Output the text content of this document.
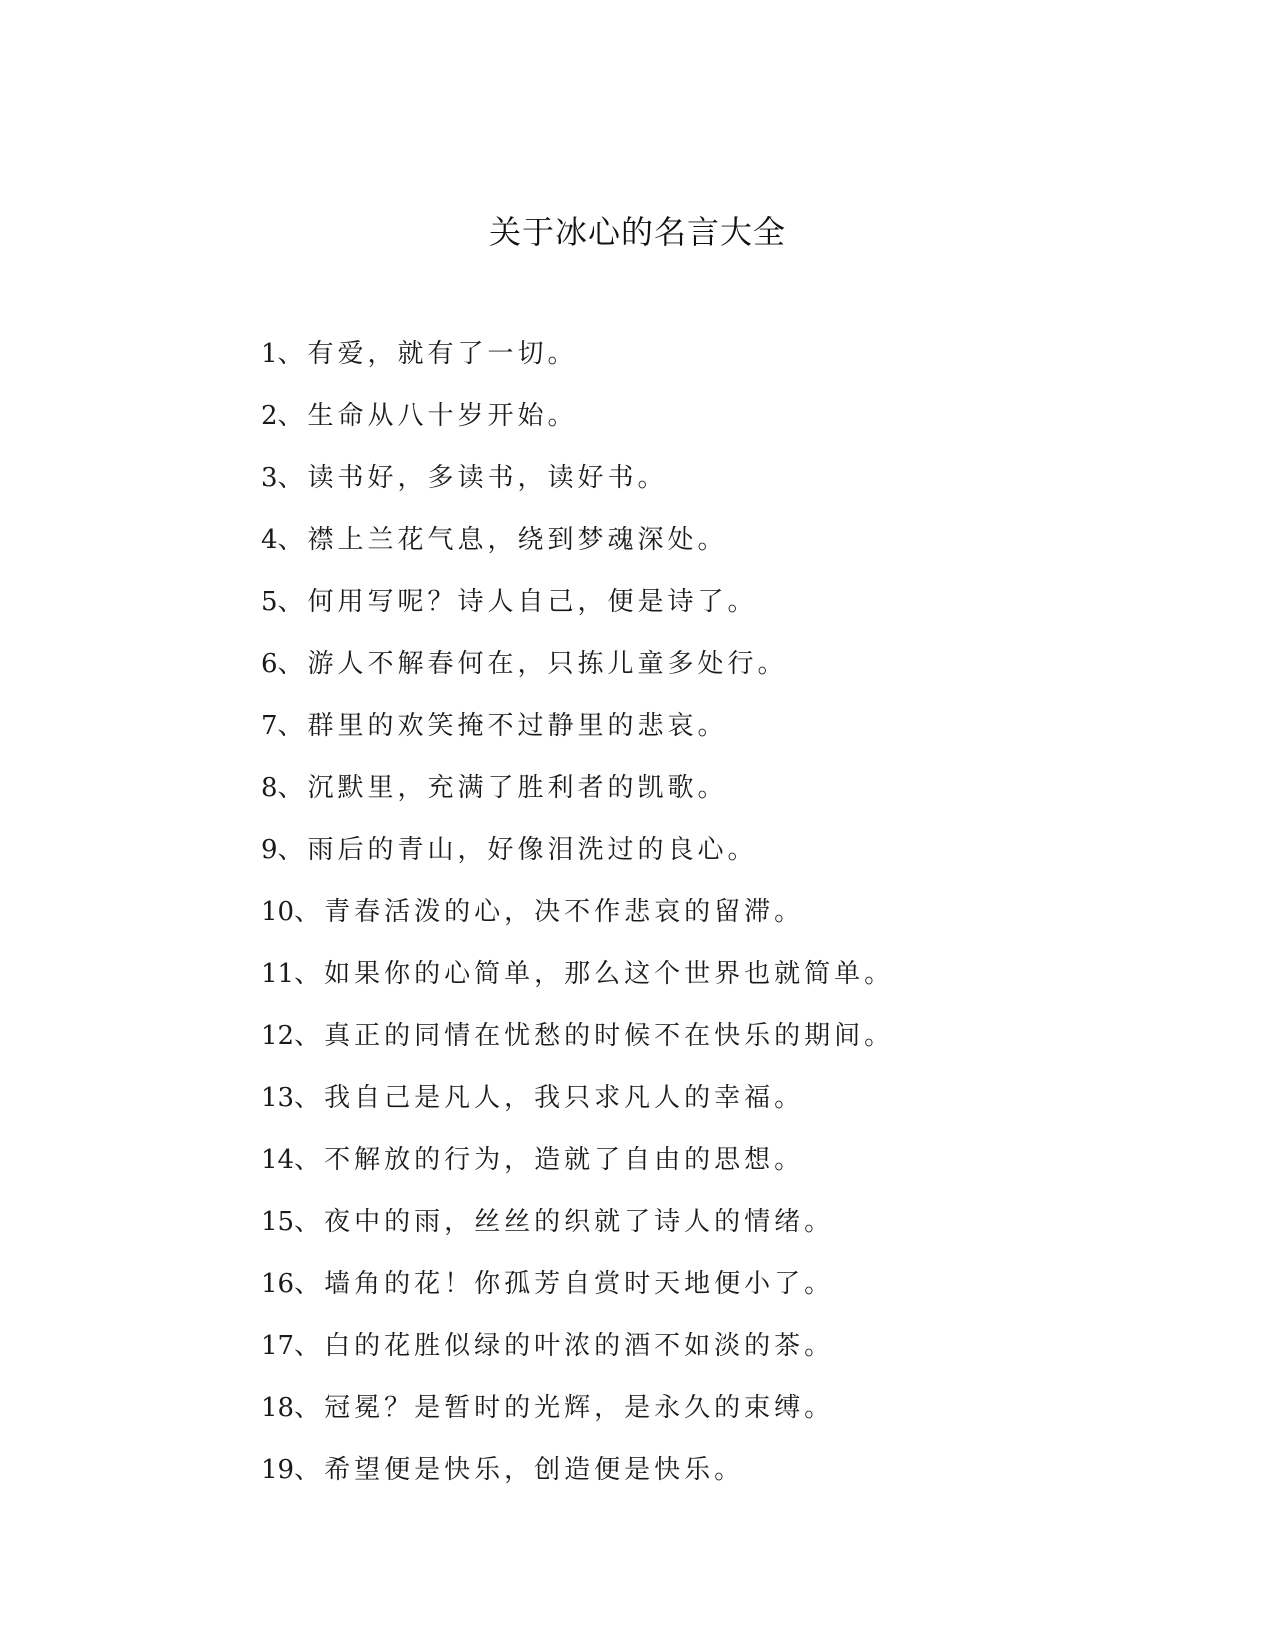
关于冰心的名言大全
1、有爱，就有了一切。
2、生命从八十岁开始。
3、读书好，多读书，读好书。
4、襟上兰花气息，绕到梦魂深处。
5、何用写呢？诗人自己，便是诗了。
6、游人不解春何在，只拣儿童多处行。
7、群里的欢笑掩不过静里的悲哀。
8、沉默里，充满了胜利者的凯歌。
9、雨后的青山，好像泪洗过的良心。
10、青春活泼的心，决不作悲哀的留滞。
11、如果你的心简单，那么这个世界也就简单。
12、真正的同情在忧愁的时候不在快乐的期间。
13、我自己是凡人，我只求凡人的幸福。
14、不解放的行为，造就了自由的思想。
15、夜中的雨，丝丝的织就了诗人的情绪。
16、墙角的花！你孤芳自赏时天地便小了。
17、白的花胜似绿的叶浓的酒不如淡的茶。
18、冠冕？是暂时的光辉，是永久的束缚。
19、希望便是快乐，创造便是快乐。
